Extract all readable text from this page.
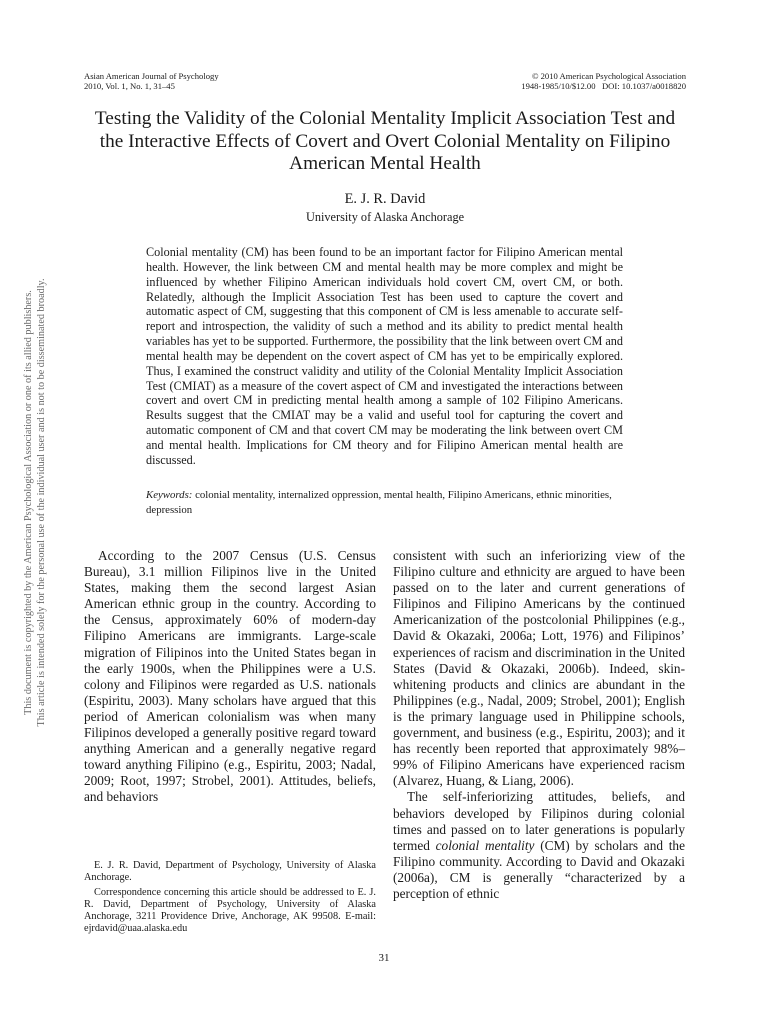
This document is copyrighted by the American Psychological Association or one of its allied publishers. This article is intended solely for the personal use of the individual user and is not to be disseminated broadly.
Asian American Journal of Psychology
2010, Vol. 1, No. 1, 31–45
© 2010 American Psychological Association
1948-1985/10/$12.00   DOI: 10.1037/a0018820
Testing the Validity of the Colonial Mentality Implicit Association Test and the Interactive Effects of Covert and Overt Colonial Mentality on Filipino American Mental Health
E. J. R. David
University of Alaska Anchorage

Colonial mentality (CM) has been found to be an important factor for Filipino American mental health. However, the link between CM and mental health may be more complex and might be influenced by whether Filipino American individuals hold covert CM, overt CM, or both. Relatedly, although the Implicit Association Test has been used to capture the covert and automatic aspect of CM, suggesting that this component of CM is less amenable to accurate self-report and introspection, the validity of such a method and its ability to predict mental health variables has yet to be supported. Furthermore, the possibility that the link between overt CM and mental health may be dependent on the covert aspect of CM has yet to be empirically explored. Thus, I examined the construct validity and utility of the Colonial Mentality Implicit Association Test (CMIAT) as a measure of the covert aspect of CM and investigated the interactions between covert and overt CM in predicting mental health among a sample of 102 Filipino Americans. Results suggest that the CMIAT may be a valid and useful tool for capturing the covert and automatic component of CM and that covert CM may be moderating the link between overt CM and mental health. Implications for CM theory and for Filipino American mental health are discussed.

Keywords: colonial mentality, internalized oppression, mental health, Filipino Americans, ethnic minorities, depression

According to the 2007 Census (U.S. Census Bureau), 3.1 million Filipinos live in the United States, making them the second largest Asian American ethnic group in the country. According to the Census, approximately 60% of modern-day Filipino Americans are immigrants. Large-scale migration of Filipinos into the United States began in the early 1900s, when the Philippines were a U.S. colony and Filipinos were regarded as U.S. nationals (Espiritu, 2003). Many scholars have argued that this period of American colonialism was when many Filipinos developed a generally positive regard toward anything American and a generally negative regard toward anything Filipino (e.g., Espiritu, 2003; Nadal, 2009; Root, 1997; Strobel, 2001). Attitudes, beliefs, and behaviors

consistent with such an inferiorizing view of the Filipino culture and ethnicity are argued to have been passed on to the later and current generations of Filipinos and Filipino Americans by the continued Americanization of the postcolonial Philippines (e.g., David & Okazaki, 2006a; Lott, 1976) and Filipinos’ experiences of racism and discrimination in the United States (David & Okazaki, 2006b). Indeed, skin-whitening products and clinics are abundant in the Philippines (e.g., Nadal, 2009; Strobel, 2001); English is the primary language used in Philippine schools, government, and business (e.g., Espiritu, 2003); and it has recently been reported that approximately 98%–99% of Filipino Americans have experienced racism (Alvarez, Huang, & Liang, 2006).

The self-inferiorizing attitudes, beliefs, and behaviors developed by Filipinos during colonial times and passed on to later generations is popularly termed colonial mentality (CM) by scholars and the Filipino community. According to David and Okazaki (2006a), CM is generally “characterized by a perception of ethnic

E. J. R. David, Department of Psychology, University of Alaska Anchorage.

Correspondence concerning this article should be addressed to E. J. R. David, Department of Psychology, University of Alaska Anchorage, 3211 Providence Drive, Anchorage, AK 99508. E-mail: ejrdavid@uaa.alaska.edu

31
